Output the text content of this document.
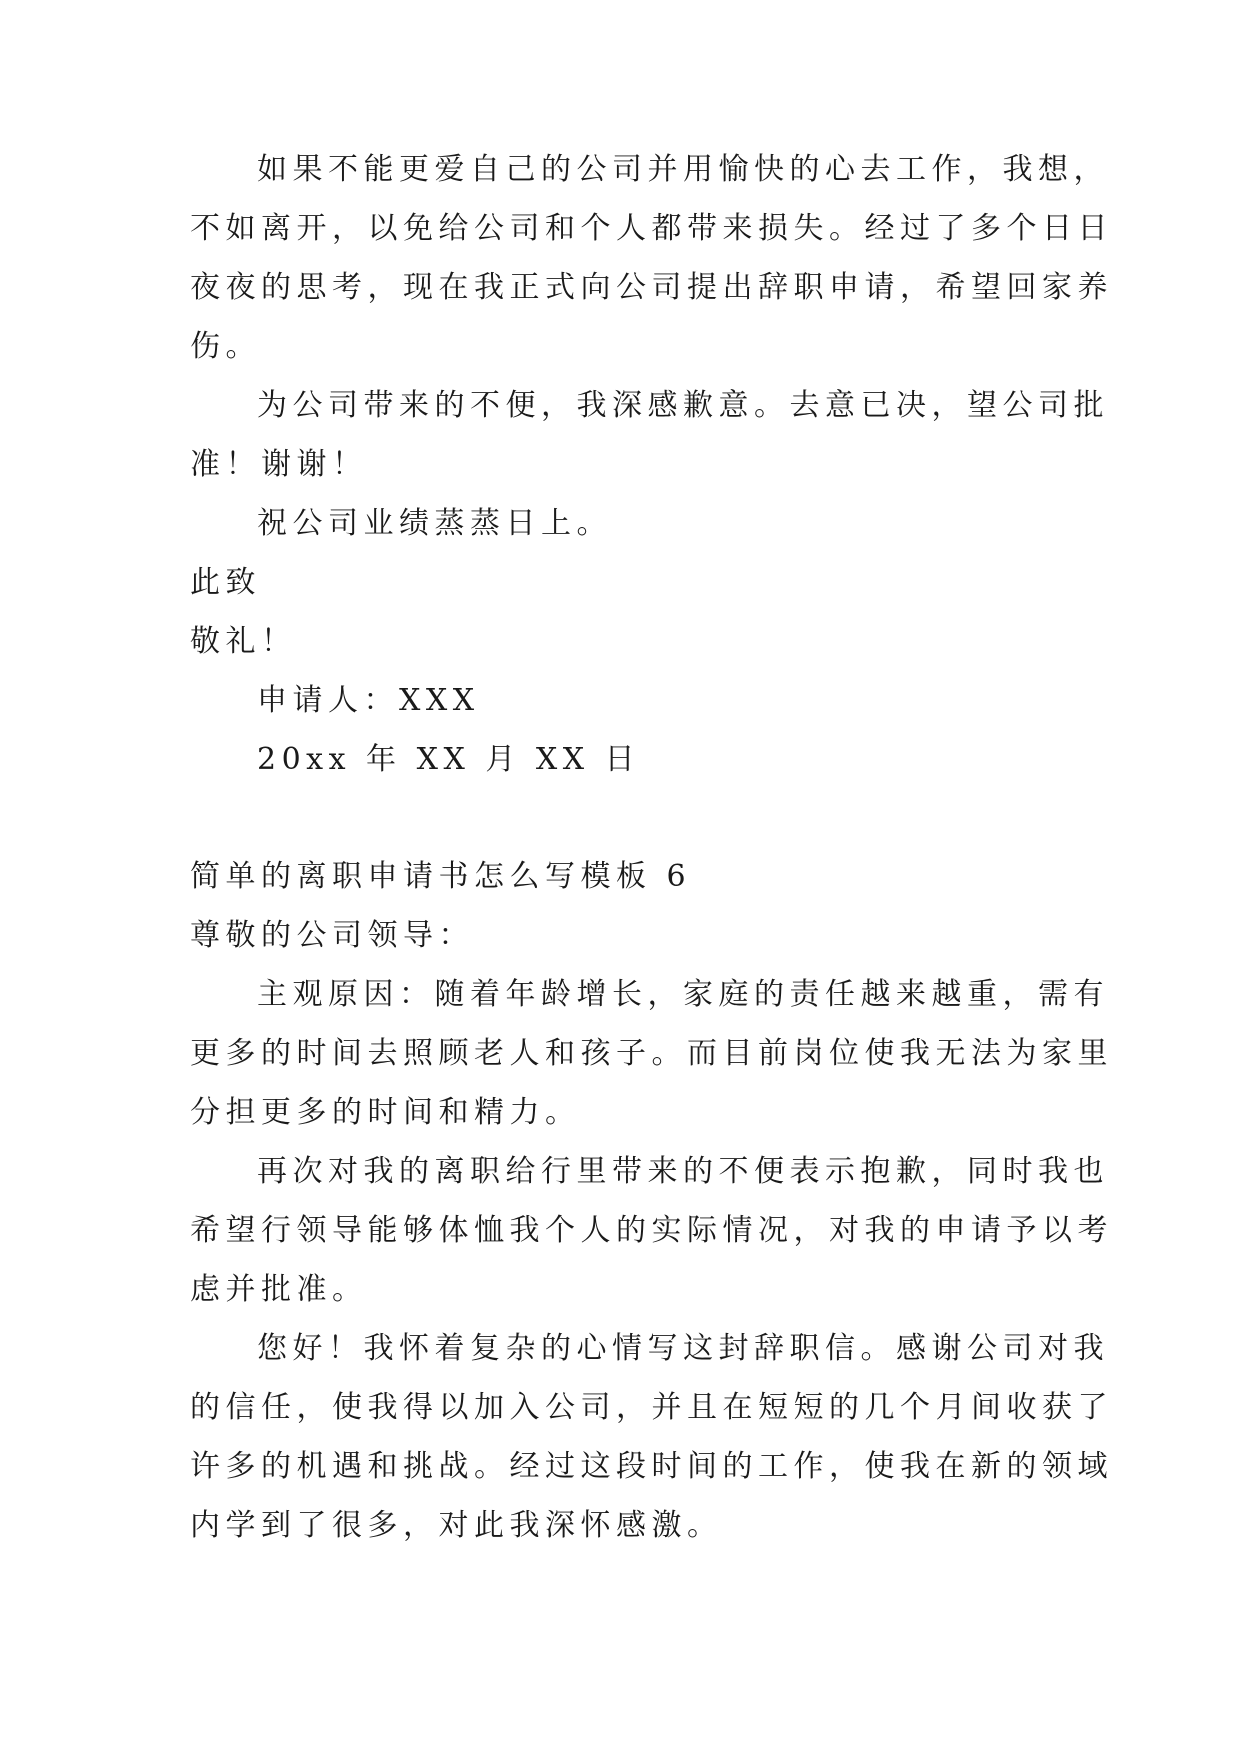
如果不能更爱自己的公司并用愉快的心去工作，我想，
不如离开，以免给公司和个人都带来损失。经过了多个日日
夜夜的思考，现在我正式向公司提出辞职申请，希望回家养
伤。
为公司带来的不便，我深感歉意。去意已决，望公司批
准！谢谢！
祝公司业绩蒸蒸日上。
此致
敬礼！
申请人：XXX
20xx 年 XX 月 XX 日
简单的离职申请书怎么写模板 6
尊敬的公司领导：
主观原因：随着年龄增长，家庭的责任越来越重，需有
更多的时间去照顾老人和孩子。而目前岗位使我无法为家里
分担更多的时间和精力。
再次对我的离职给行里带来的不便表示抱歉，同时我也
希望行领导能够体恤我个人的实际情况，对我的申请予以考
虑并批准。
您好！我怀着复杂的心情写这封辞职信。感谢公司对我
的信任，使我得以加入公司，并且在短短的几个月间收获了
许多的机遇和挑战。经过这段时间的工作，使我在新的领域
内学到了很多，对此我深怀感激。
